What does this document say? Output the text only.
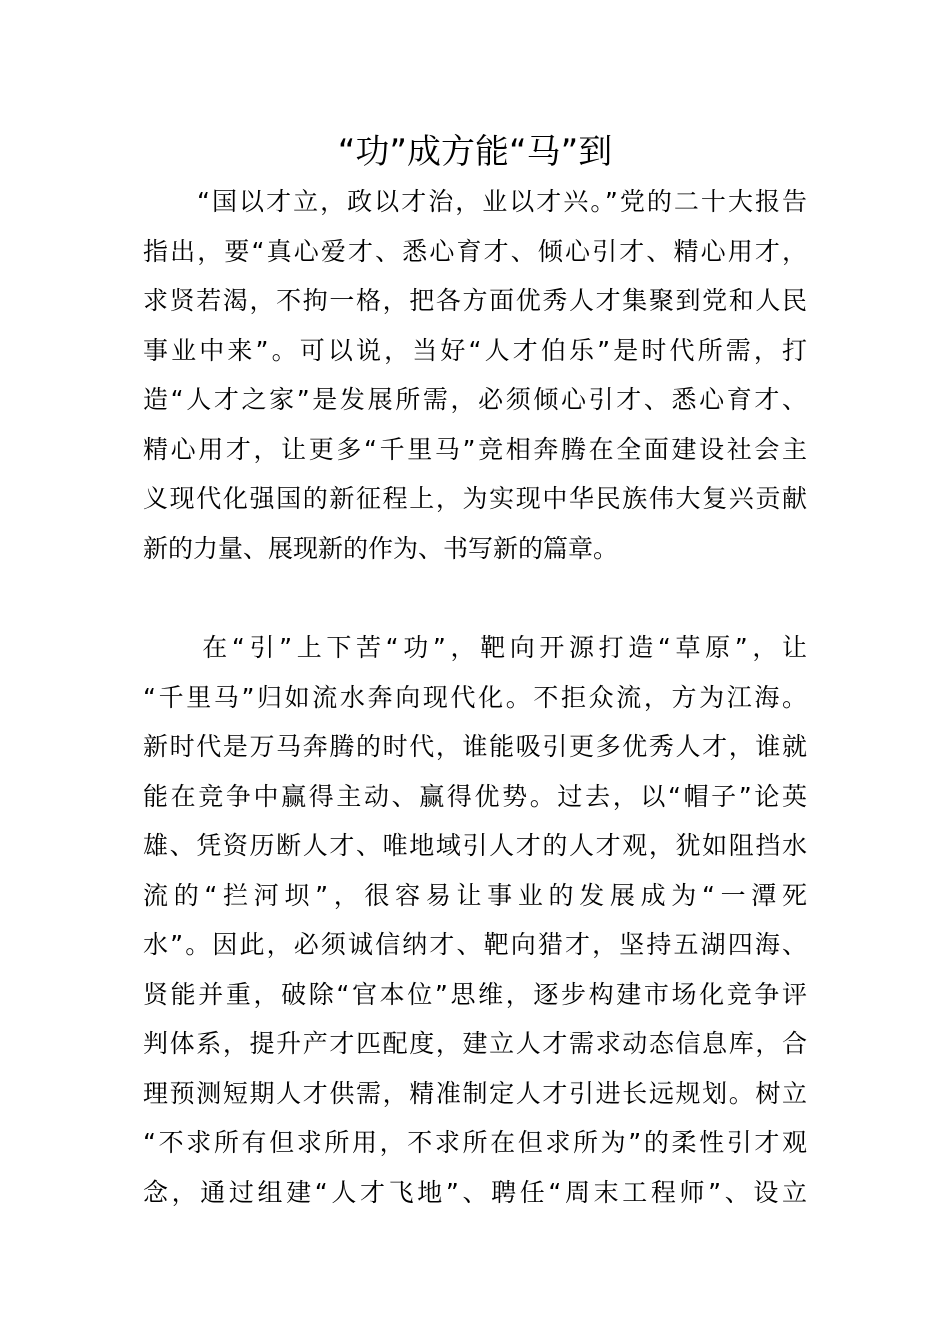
“功”成方能“马”到
　　“国以才立，政以才治，业以才兴。”党的二十大报告
指出，要“真心爱才、悉心育才、倾心引才、精心用才，
求贤若渴，不拘一格，把各方面优秀人才集聚到党和人民
事业中来”。可以说，当好“人才伯乐”是时代所需，打
造“人才之家”是发展所需，必须倾心引才、悉心育才、
精心用才，让更多“千里马”竞相奔腾在全面建设社会主
义现代化强国的新征程上，为实现中华民族伟大复兴贡献
新的力量、展现新的作为、书写新的篇章。
　　在“引”上下苦“功”，靶向开源打造“草原”，让
“千里马”归如流水奔向现代化。不拒众流，方为江海。
新时代是万马奔腾的时代，谁能吸引更多优秀人才，谁就
能在竞争中赢得主动、赢得优势。过去，以“帽子”论英
雄、凭资历断人才、唯地域引人才的人才观，犹如阻挡水
流的“拦河坝”，很容易让事业的发展成为“一潭死
水”。因此，必须诚信纳才、靶向猎才，坚持五湖四海、
贤能并重，破除“官本位”思维，逐步构建市场化竞争评
判体系，提升产才匹配度，建立人才需求动态信息库，合
理预测短期人才供需，精准制定人才引进长远规划。树立
“不求所有但求所用，不求所在但求所为”的柔性引才观
念，通过组建“人才飞地”、聘任“周末工程师”、设立
